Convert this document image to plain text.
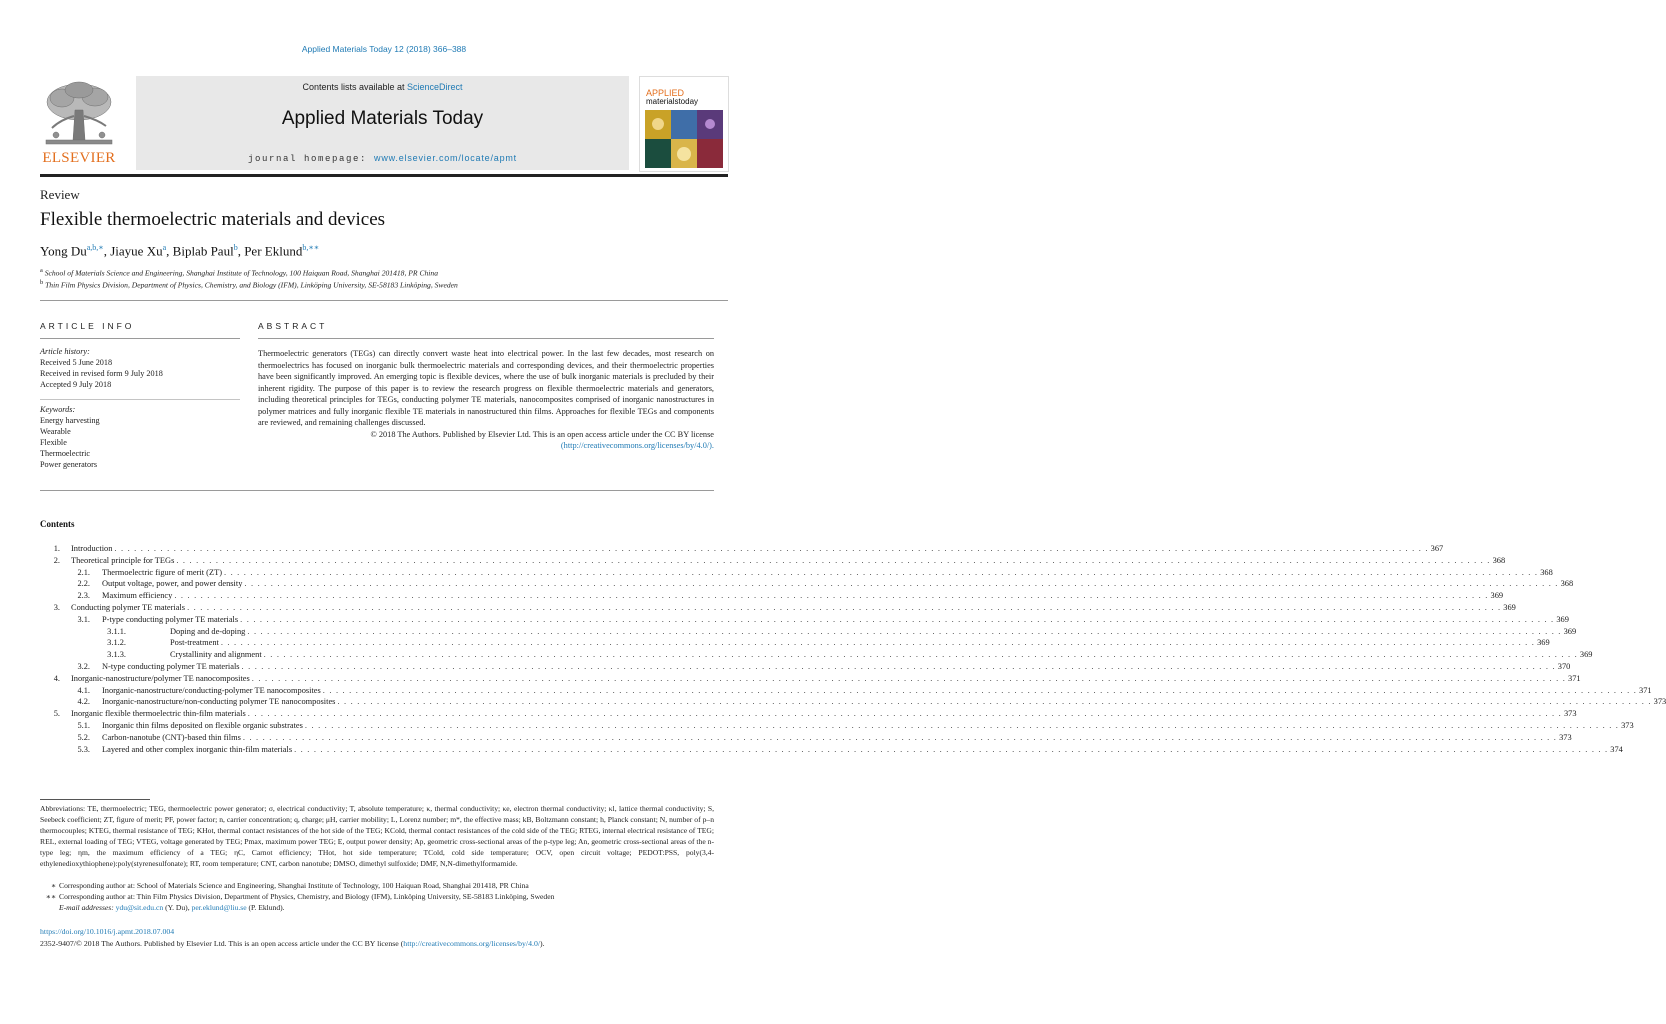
Applied Materials Today 12 (2018) 366–388
ELSEVIER
Contents lists available at ScienceDirect
Applied Materials Today
journal homepage: www.elsevier.com/locate/apmt
APPLIED
materialstoday
Review
Flexible thermoelectric materials and devices
Yong $Du^{a,b,∗}$, Jiayue Xu$^a$, Biplab Paul$^b$, Per Eklund$^{b,∗∗}$
$^a$ School of Materials Science and Engineering, Shanghai Institute of Technology, 100 Haiquan Road, Shanghai 201418, PR China
$^b$ Thin Film Physics Division, Department of Physics, Chemistry, and Biology (IFM), Linköping University, SE-58183 Linköping, Sweden
ARTICLE INFO
Article history:
Received 5 June 2018
Received in revised form 9 July 2018
Accepted 9 July 2018
Keywords:
Energy harvesting
Wearable
Flexible
Thermoelectric
Power generators
ABSTRACT
Thermoelectric generators (TEGs) can directly convert waste heat into electrical power. In the last few decades, most research on thermoelectrics has focused on inorganic bulk thermoelectric materials and corresponding devices, and their thermoelectric properties have been significantly improved. An emerging topic is flexible devices, where the use of bulk inorganic materials is precluded by their inherent rigidity. The purpose of this paper is to review the research progress on flexible thermoelectric materials and generators, including theoretical principles for TEGs, conducting polymer TE materials, nanocomposites comprised of inorganic nanostructures in polymer matrices and fully inorganic flexible TE materials in nanostructured thin films. Approaches for flexible TEGs and components are reviewed, and remaining challenges discussed.
© 2018 The Authors. Published by Elsevier Ltd. This is an open access article under the CC BY license
(http://creativecommons.org/licenses/by/4.0/).
Contents
1. Introduction . . . . . . . . . . . . . . . . . . . . . . . . . . . . . . . . . . . . . . . . . . . . . . . . . . . . . . . . . . . . . . . . . . . . . . . . . . . . . . . . . . . . . . . . . . . . . . . . . . . . . . . . . . . . . . . . . . . . . . . . . . . . . . . . . . . . . . . . . . . . . . . . . . . . . . . . . . . . . . . . . . . . . . . . . . . . . . . . . . . . . . . . . . . . . . . . . . . . . . . . 367
2. Theoretical principle for TEGs . . . . . . . . . . . . . . . . . . . . . . . . . . . . . . . . . . . . . . . . . . . . . . . . . . . . . . . . . . . . . . . . . . . . . . . . . . . . . . . . . . . . . . . . . . . . . . . . . . . . . . . . . . . . . . . . . . . . . . . . . . . . . . . . . . . . . . . . . . . . . . . . . . . . . . . . . . . . . . . . . . . . . . . . . . . . . . . . . . . . . . . . . . . . . . . . . . . . . . . . 368
2.1. Thermoelectric figure of merit (ZT) . . . . . . . . . . . . . . . . . . . . . . . . . . . . . . . . . . . . . . . . . . . . . . . . . . . . . . . . . . . . . . . . . . . . . . . . . . . . . . . . . . . . . . . . . . . . . . . . . . . . . . . . . . . . . . . . . . . . . . . . . . . . . . . . . . . . . . . . . . . . . . . . . . . . . . . . . . . . . . . . . . . . . . . . . . . . . . . . . . . . . . . . . . . . . . . . . . . . . . . . 368
2.2. Output voltage, power, and power density . . . . . . . . . . . . . . . . . . . . . . . . . . . . . . . . . . . . . . . . . . . . . . . . . . . . . . . . . . . . . . . . . . . . . . . . . . . . . . . . . . . . . . . . . . . . . . . . . . . . . . . . . . . . . . . . . . . . . . . . . . . . . . . . . . . . . . . . . . . . . . . . . . . . . . . . . . . . . . . . . . . . . . . . . . . . . . . . . . . . . . . . . . . . . . . . . . . . . . . . 368
2.3. Maximum efficiency . . . . . . . . . . . . . . . . . . . . . . . . . . . . . . . . . . . . . . . . . . . . . . . . . . . . . . . . . . . . . . . . . . . . . . . . . . . . . . . . . . . . . . . . . . . . . . . . . . . . . . . . . . . . . . . . . . . . . . . . . . . . . . . . . . . . . . . . . . . . . . . . . . . . . . . . . . . . . . . . . . . . . . . . . . . . . . . . . . . . . . . . . . . . . . . . . . . . . . . . 369
3. Conducting polymer TE materials . . . . . . . . . . . . . . . . . . . . . . . . . . . . . . . . . . . . . . . . . . . . . . . . . . . . . . . . . . . . . . . . . . . . . . . . . . . . . . . . . . . . . . . . . . . . . . . . . . . . . . . . . . . . . . . . . . . . . . . . . . . . . . . . . . . . . . . . . . . . . . . . . . . . . . . . . . . . . . . . . . . . . . . . . . . . . . . . . . . . . . . . . . . . . . . . . . . . . . . . 369
3.1. P-type conducting polymer TE materials . . . . . . . . . . . . . . . . . . . . . . . . . . . . . . . . . . . . . . . . . . . . . . . . . . . . . . . . . . . . . . . . . . . . . . . . . . . . . . . . . . . . . . . . . . . . . . . . . . . . . . . . . . . . . . . . . . . . . . . . . . . . . . . . . . . . . . . . . . . . . . . . . . . . . . . . . . . . . . . . . . . . . . . . . . . . . . . . . . . . . . . . . . . . . . . . . . . . . . . . 369
3.1.1.	Doping and de-doping . . . . . . . . . . . . . . . . . . . . . . . . . . . . . . . . . . . . . . . . . . . . . . . . . . . . . . . . . . . . . . . . . . . . . . . . . . . . . . . . . . . . . . . . . . . . . . . . . . . . . . . . . . . . . . . . . . . . . . . . . . . . . . . . . . . . . . . . . . . . . . . . . . . . . . . . . . . . . . . . . . . . . . . . . . . . . . . . . . . . . . . . . . . . . . . . . . . . . . . . 369
3.1.2.	Post-treatment . . . . . . . . . . . . . . . . . . . . . . . . . . . . . . . . . . . . . . . . . . . . . . . . . . . . . . . . . . . . . . . . . . . . . . . . . . . . . . . . . . . . . . . . . . . . . . . . . . . . . . . . . . . . . . . . . . . . . . . . . . . . . . . . . . . . . . . . . . . . . . . . . . . . . . . . . . . . . . . . . . . . . . . . . . . . . . . . . . . . . . . . . . . . . . . . . . . . . . . . 369
3.1.3.	Crystallinity and alignment . . . . . . . . . . . . . . . . . . . . . . . . . . . . . . . . . . . . . . . . . . . . . . . . . . . . . . . . . . . . . . . . . . . . . . . . . . . . . . . . . . . . . . . . . . . . . . . . . . . . . . . . . . . . . . . . . . . . . . . . . . . . . . . . . . . . . . . . . . . . . . . . . . . . . . . . . . . . . . . . . . . . . . . . . . . . . . . . . . . . . . . . . . . . . . . . . . . . . . . . 369
3.2. N-type conducting polymer TE materials . . . . . . . . . . . . . . . . . . . . . . . . . . . . . . . . . . . . . . . . . . . . . . . . . . . . . . . . . . . . . . . . . . . . . . . . . . . . . . . . . . . . . . . . . . . . . . . . . . . . . . . . . . . . . . . . . . . . . . . . . . . . . . . . . . . . . . . . . . . . . . . . . . . . . . . . . . . . . . . . . . . . . . . . . . . . . . . . . . . . . . . . . . . . . . . . . . . . . . . . 370
4. Inorganic-nanostructure/polymer TE nanocomposites . . . . . . . . . . . . . . . . . . . . . . . . . . . . . . . . . . . . . . . . . . . . . . . . . . . . . . . . . . . . . . . . . . . . . . . . . . . . . . . . . . . . . . . . . . . . . . . . . . . . . . . . . . . . . . . . . . . . . . . . . . . . . . . . . . . . . . . . . . . . . . . . . . . . . . . . . . . . . . . . . . . . . . . . . . . . . . . . . . . . . . . . . . . . . . . . . . . . . . . . 371
4.1. Inorganic-nanostructure/conducting-polymer TE nanocomposites . . . . . . . . . . . . . . . . . . . . . . . . . . . . . . . . . . . . . . . . . . . . . . . . . . . . . . . . . . . . . . . . . . . . . . . . . . . . . . . . . . . . . . . . . . . . . . . . . . . . . . . . . . . . . . . . . . . . . . . . . . . . . . . . . . . . . . . . . . . . . . . . . . . . . . . . . . . . . . . . . . . . . . . . . . . . . . . . . . . . . . . . . . . . . . . . . . . . . . . . 371
4.2. Inorganic-nanostructure/non-conducting polymer TE nanocomposites . . . . . . . . . . . . . . . . . . . . . . . . . . . . . . . . . . . . . . . . . . . . . . . . . . . . . . . . . . . . . . . . . . . . . . . . . . . . . . . . . . . . . . . . . . . . . . . . . . . . . . . . . . . . . . . . . . . . . . . . . . . . . . . . . . . . . . . . . . . . . . . . . . . . . . . . . . . . . . . . . . . . . . . . . . . . . . . . . . . . . . . . . . . . . . . . . . . . . . . . 373
5. Inorganic flexible thermoelectric thin-film materials . . . . . . . . . . . . . . . . . . . . . . . . . . . . . . . . . . . . . . . . . . . . . . . . . . . . . . . . . . . . . . . . . . . . . . . . . . . . . . . . . . . . . . . . . . . . . . . . . . . . . . . . . . . . . . . . . . . . . . . . . . . . . . . . . . . . . . . . . . . . . . . . . . . . . . . . . . . . . . . . . . . . . . . . . . . . . . . . . . . . . . . . . . . . . . . . . . . . . . . . 373
5.1. Inorganic thin films deposited on flexible organic substrates . . . . . . . . . . . . . . . . . . . . . . . . . . . . . . . . . . . . . . . . . . . . . . . . . . . . . . . . . . . . . . . . . . . . . . . . . . . . . . . . . . . . . . . . . . . . . . . . . . . . . . . . . . . . . . . . . . . . . . . . . . . . . . . . . . . . . . . . . . . . . . . . . . . . . . . . . . . . . . . . . . . . . . . . . . . . . . . . . . . . . . . . . . . . . . . . . . . . . . . . 373
5.2. Carbon-nanotube (CNT)-based thin films . . . . . . . . . . . . . . . . . . . . . . . . . . . . . . . . . . . . . . . . . . . . . . . . . . . . . . . . . . . . . . . . . . . . . . . . . . . . . . . . . . . . . . . . . . . . . . . . . . . . . . . . . . . . . . . . . . . . . . . . . . . . . . . . . . . . . . . . . . . . . . . . . . . . . . . . . . . . . . . . . . . . . . . . . . . . . . . . . . . . . . . . . . . . . . . . . . . . . . . . 373
5.3. Layered and other complex inorganic thin-film materials . . . . . . . . . . . . . . . . . . . . . . . . . . . . . . . . . . . . . . . . . . . . . . . . . . . . . . . . . . . . . . . . . . . . . . . . . . . . . . . . . . . . . . . . . . . . . . . . . . . . . . . . . . . . . . . . . . . . . . . . . . . . . . . . . . . . . . . . . . . . . . . . . . . . . . . . . . . . . . . . . . . . . . . . . . . . . . . . . . . . . . . . . . . . . . . . . . . . . . . . 374
Abbreviations: TE, thermoelectric; TEG, thermoelectric power generator; σ, electrical conductivity; T, absolute temperature; κ, thermal conductivity; κe, electron thermal conductivity; κl, lattice thermal conductivity; S, Seebeck coefficient; ZT, figure of merit; PF, power factor; n, carrier concentration; q, charge; μH, carrier mobility; L, Lorenz number; m*, the effective mass; kB, Boltzmann constant; h, Planck constant; N, number of p–n thermocouples; KTEG, thermal resistance of TEG; KHot, thermal contact resistances of the hot side of the TEG; KCold, thermal contact resistances of the cold side of the TEG; RTEG, internal electrical resistance of TEG; REL, external loading of TEG; VTEG, voltage generated by TEG; Pmax, maximum power TEG; E, output power density; Ap, geometric cross-sectional areas of the p-type leg; An, geometric cross-sectional areas of the n-type leg; ηm, the maximum efficiency of a TEG; ηC, Carnot efficiency; THot, hot side temperature; TCold, cold side temperature; OCV, open circuit voltage; PEDOT:PSS, poly(3,4-ethylenedioxythiophene):poly(styrenesulfonate); RT, room temperature; CNT, carbon nanotube; DMSO, dimethyl sulfoxide; DMF, N,N-dimethylformamide.
∗ Corresponding author at: School of Materials Science and Engineering, Shanghai Institute of Technology, 100 Haiquan Road, Shanghai 201418, PR China
∗∗ Corresponding author at: Thin Film Physics Division, Department of Physics, Chemistry, and Biology (IFM), Linköping University, SE-58183 Linköping, Sweden
E-mail addresses: ydu@sit.edu.cn (Y. Du), per.eklund@liu.se (P. Eklund).
https://doi.org/10.1016/j.apmt.2018.07.004
2352-9407/© 2018 The Authors. Published by Elsevier Ltd. This is an open access article under the CC BY license (http://creativecommons.org/licenses/by/4.0/).
